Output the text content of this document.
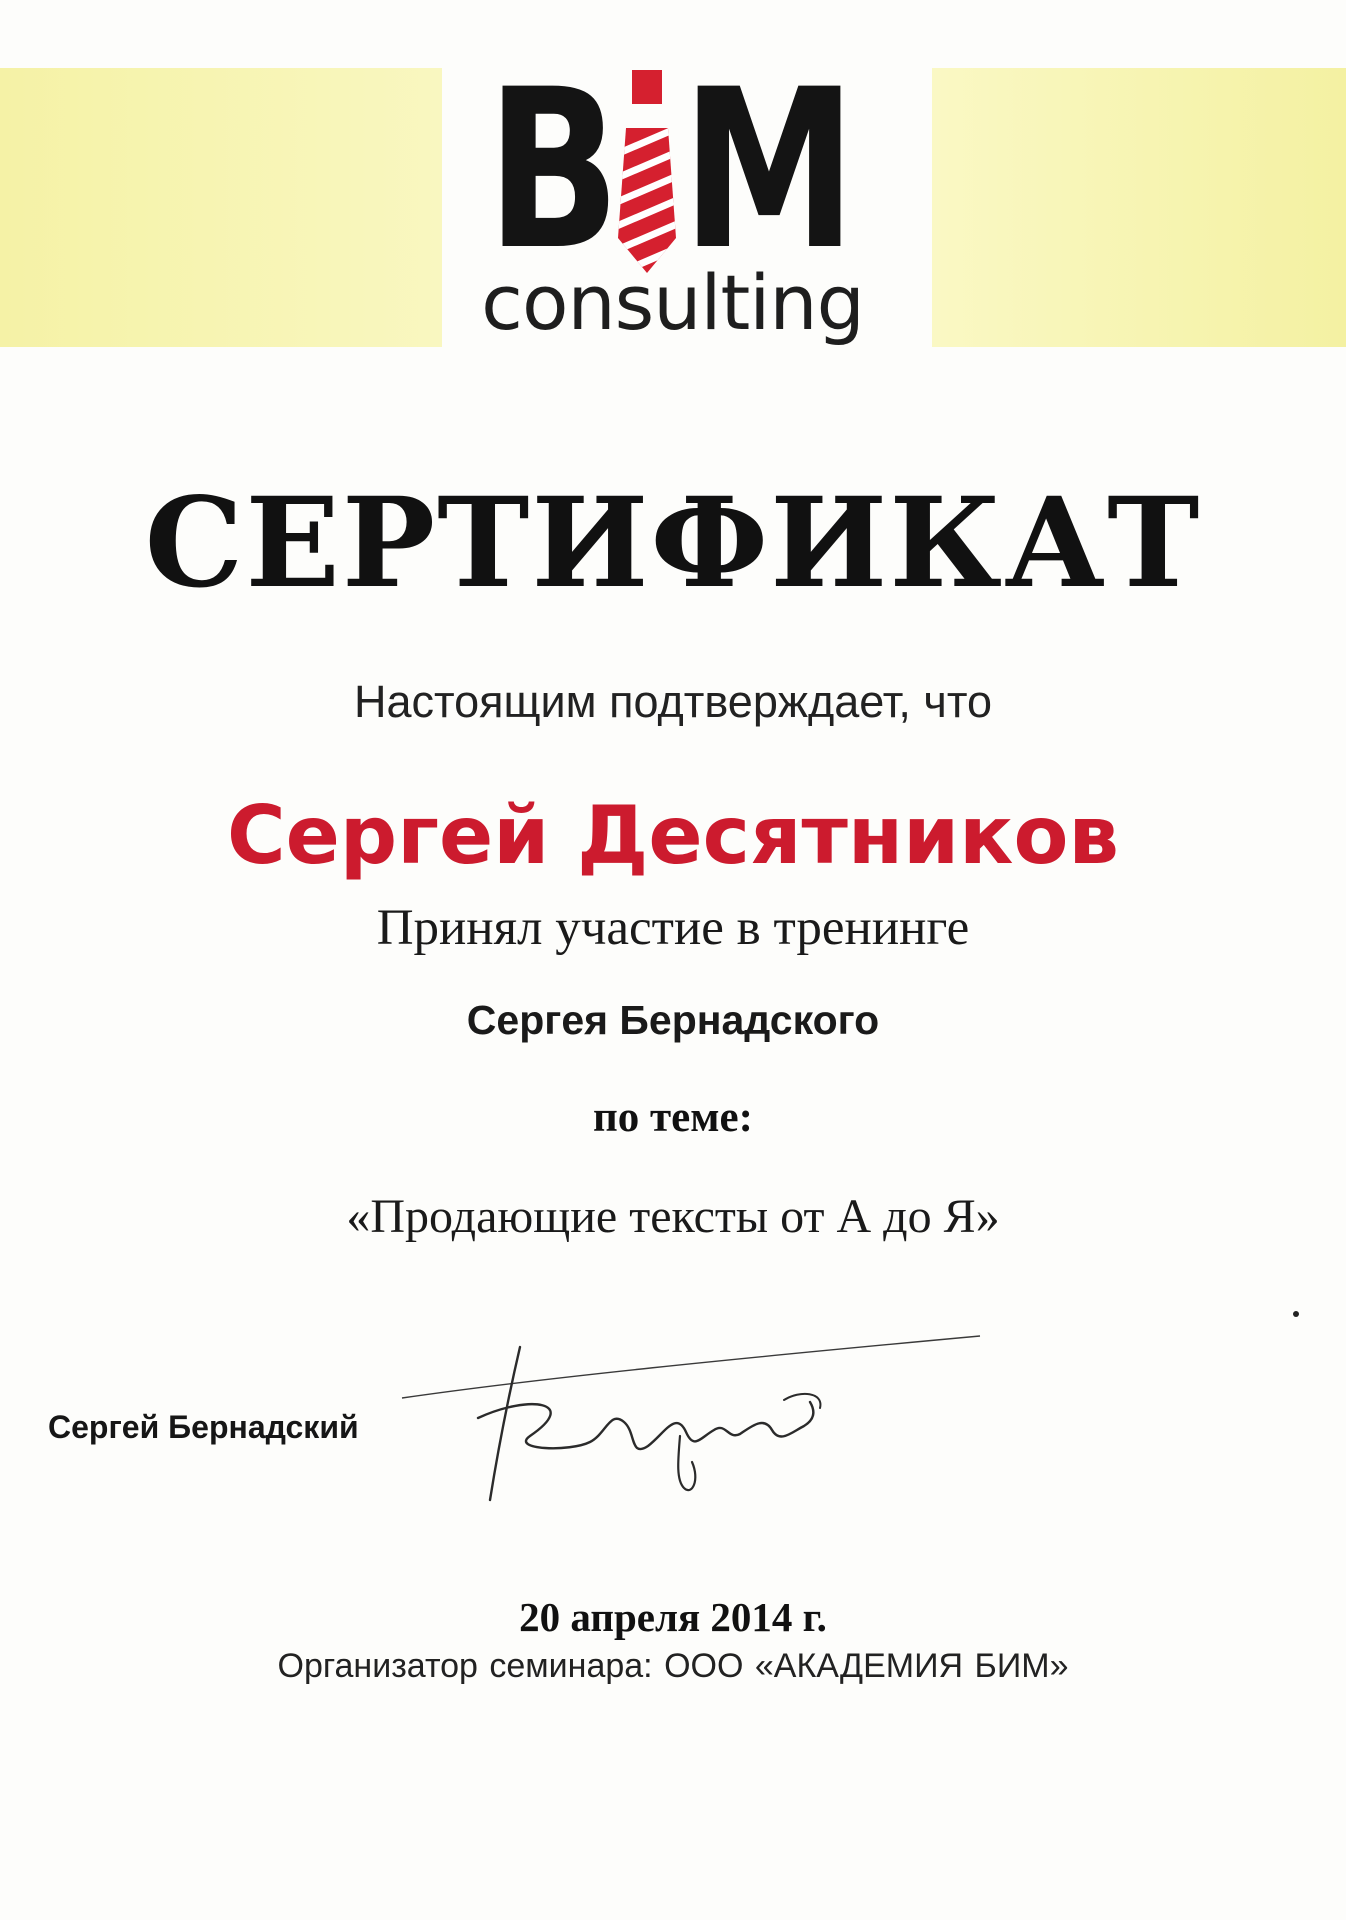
B M
consulting
СЕРТИФИКАТ
Настоящим подтверждает, что
Сергей Десятников
Принял участие в тренинге
Сергея Бернадского
по теме:
«Продающие тексты от А до Я»
Сергей Бернадский
20 апреля 2014 г.
Организатор семинара: ООО «АКАДЕМИЯ БИМ»
